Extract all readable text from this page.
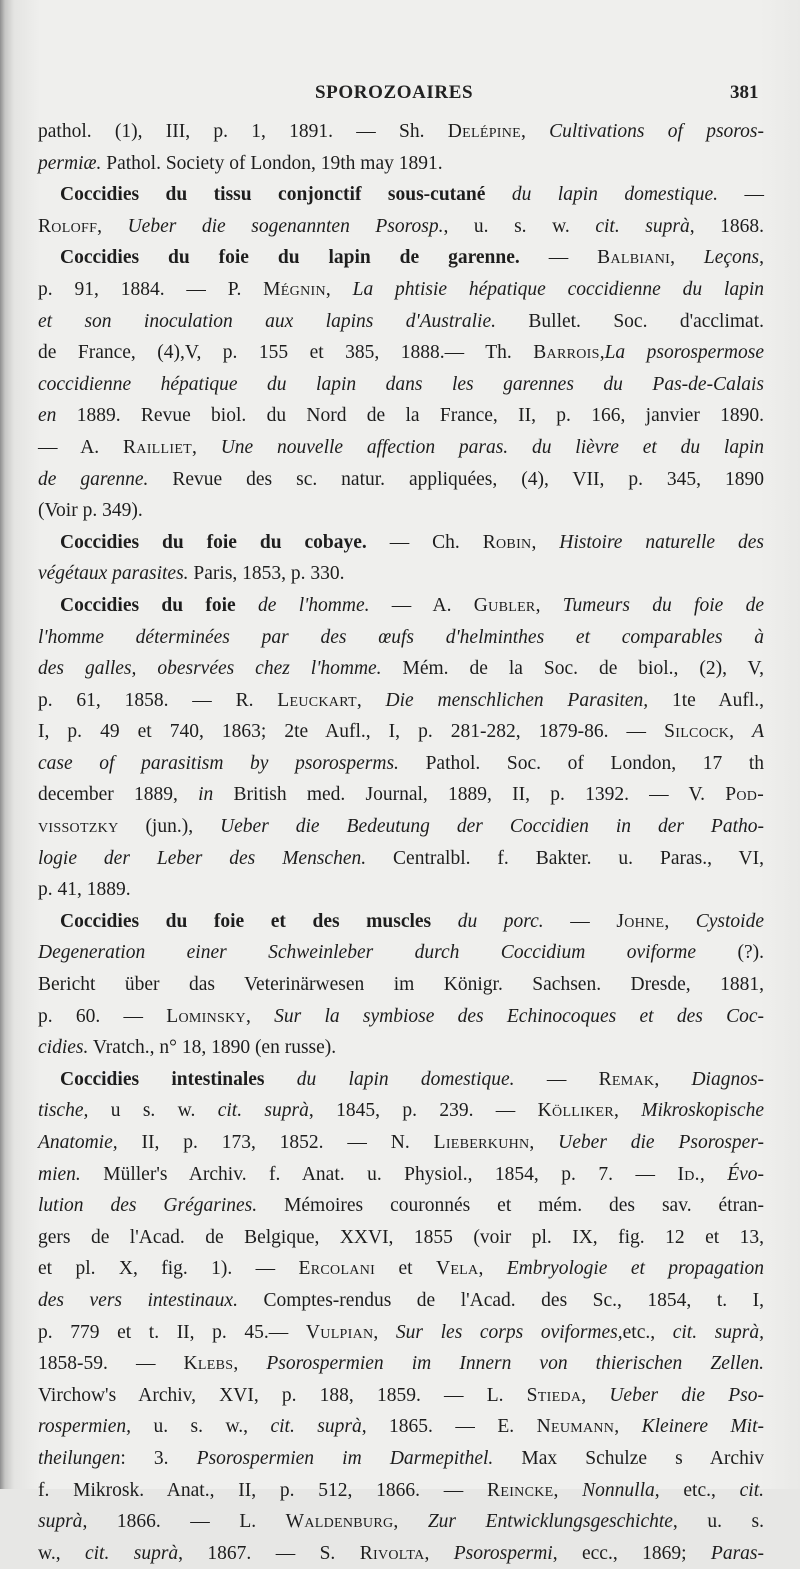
SPOROZOAIRES	381
pathol. (1), III, p. 1, 1891. — Sh. Delépine, Cultivations of psoros-
permiæ. Pathol. Society of London, 19th may 1891.
Coccidies du tissu conjonctif sous-cutané du lapin domestique. —
Roloff, Ueber die sogenannten Psorosp., u. s. w. cit. suprà, 1868.
Coccidies du foie du lapin de garenne. — Balbiani, Leçons,
p. 91, 1884. — P. Mégnin, La phtisie hépatique coccidienne du lapin
et son inoculation aux lapins d'Australie. Bullet. Soc. d'acclimat.
de France, (4),V, p. 155 et 385, 1888.— Th. Barrois,La psorospermose
coccidienne hépatique du lapin dans les garennes du Pas-de-Calais
en 1889. Revue biol. du Nord de la France, II, p. 166, janvier 1890.
— A. Railliet, Une nouvelle affection paras. du lièvre et du lapin
de garenne. Revue des sc. natur. appliquées, (4), VII, p. 345, 1890
(Voir p. 349).
Coccidies du foie du cobaye. — Ch. Robin, Histoire naturelle des
végétaux parasites. Paris, 1853, p. 330.
Coccidies du foie de l'homme. — A. Gubler, Tumeurs du foie de
l'homme déterminées par des œufs d'helminthes et comparables à
des galles, obesrvées chez l'homme. Mém. de la Soc. de biol., (2), V,
p. 61, 1858. — R. Leuckart, Die menschlichen Parasiten, 1te Aufl.,
I, p. 49 et 740, 1863; 2te Aufl., I, p. 281-282, 1879-86. — Silcock, A
case of parasitism by psorosperms. Pathol. Soc. of London, 17 th
december 1889, in British med. Journal, 1889, II, p. 1392. — V. Pod-
vissotzky (jun.), Ueber die Bedeutung der Coccidien in der Patho-
logie der Leber des Menschen. Centralbl. f. Bakter. u. Paras., VI,
p. 41, 1889.
Coccidies du foie et des muscles du porc. — Johne, Cystoide
Degeneration einer Schweinleber durch Coccidium oviforme (?).
Bericht über das Veterinärwesen im Königr. Sachsen. Dresde, 1881,
p. 60. — Lominsky, Sur la symbiose des Echinocoques et des Coc-
cidies. Vratch., n° 18, 1890 (en russe).
Coccidies intestinales du lapin domestique. — Remak, Diagnos-
tische, u s. w. cit. suprà, 1845, p. 239. — Kölliker, Mikroskopische
Anatomie, II, p. 173, 1852. — N. Lieberkuhn, Ueber die Psorosper-
mien. Müller's Archiv. f. Anat. u. Physiol., 1854, p. 7. — Id., Évo-
lution des Grégarines. Mémoires couronnés et mém. des sav. étran-
gers de l'Acad. de Belgique, XXVI, 1855 (voir pl. IX, fig. 12 et 13,
et pl. X, fig. 1). — Ercolani et Vela, Embryologie et propagation
des vers intestinaux. Comptes-rendus de l'Acad. des Sc., 1854, t. I,
p. 779 et t. II, p. 45.— Vulpian, Sur les corps oviformes,etc., cit. suprà,
1858-59. — Klebs, Psorospermien im Innern von thierischen Zellen.
Virchow's Archiv, XVI, p. 188, 1859. — L. Stieda, Ueber die Pso-
rospermien, u. s. w., cit. suprà, 1865. — E. Neumann, Kleinere Mit-
theilungen: 3. Psorospermien im Darmepithel. Max Schulze s Archiv
f. Mikrosk. Anat., II, p. 512, 1866. — Reincke, Nonnulla, etc., cit.
suprà, 1866. — L. Waldenburg, Zur Entwicklungsgeschichte, u. s.
w., cit. suprà, 1867. — S. Rivolta, Psorospermi, ecc., 1869; Paras-
